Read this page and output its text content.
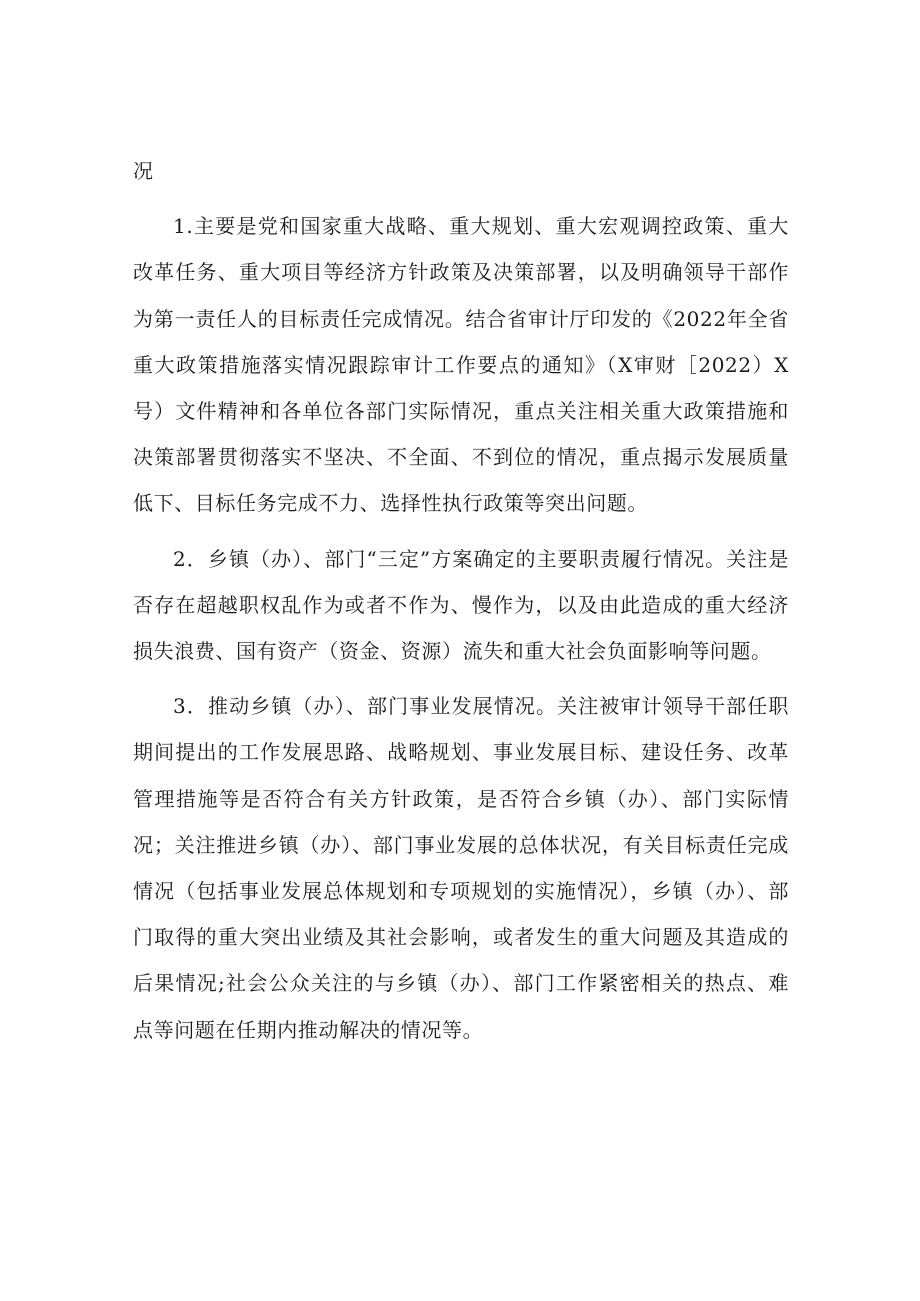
况

1.主要是党和国家重大战略、重大规划、重大宏观调控政策、重大改革任务、重大项目等经济方针政策及决策部署，以及明确领导干部作为第一责任人的目标责任完成情况。结合省审计厅印发的《2022年全省重大政策措施落实情况跟踪审计工作要点的通知》（X审财［2022）X号）文件精神和各单位各部门实际情况，重点关注相关重大政策措施和决策部署贯彻落实不坚决、不全面、不到位的情况，重点揭示发展质量低下、目标任务完成不力、选择性执行政策等突出问题。

2．乡镇（办）、部门“三定”方案确定的主要职责履行情况。关注是否存在超越职权乱作为或者不作为、慢作为，以及由此造成的重大经济损失浪费、国有资产（资金、资源）流失和重大社会负面影响等问题。

3．推动乡镇（办）、部门事业发展情况。关注被审计领导干部任职期间提出的工作发展思路、战略规划、事业发展目标、建设任务、改革管理措施等是否符合有关方针政策，是否符合乡镇（办）、部门实际情况；关注推进乡镇（办）、部门事业发展的总体状况，有关目标责任完成情况（包括事业发展总体规划和专项规划的实施情况），乡镇（办）、部门取得的重大突出业绩及其社会影响，或者发生的重大问题及其造成的后果情况;社会公众关注的与乡镇（办）、部门工作紧密相关的热点、难点等问题在任期内推动解决的情况等。
